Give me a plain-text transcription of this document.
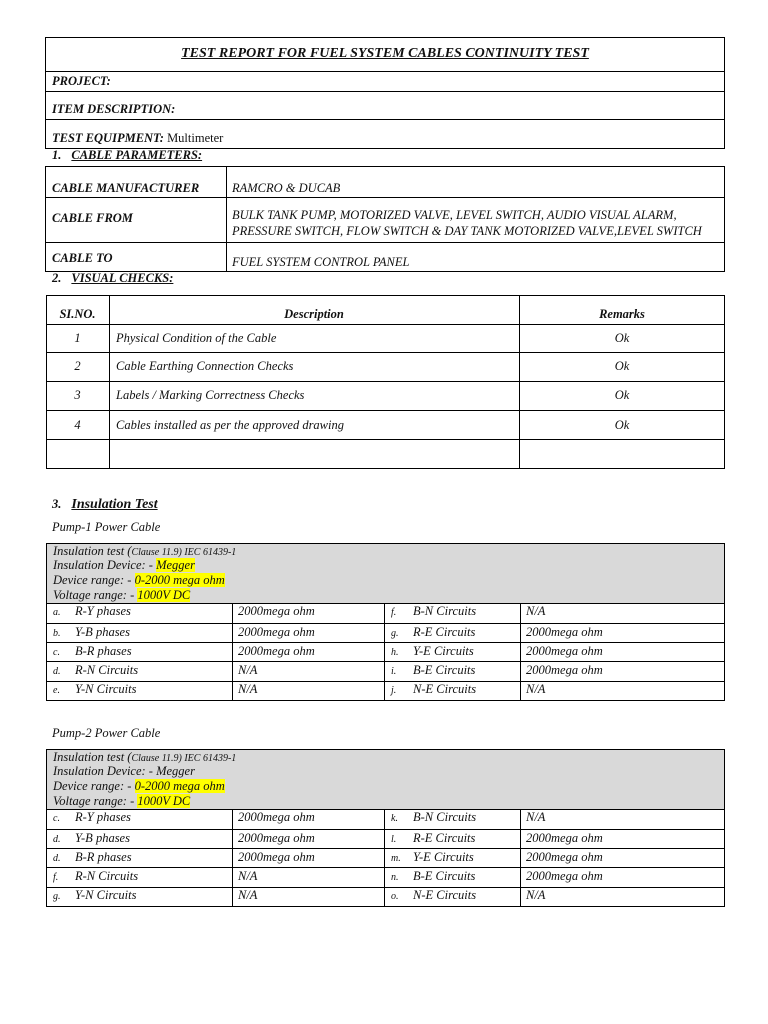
TEST REPORT FOR FUEL SYSTEM CABLES CONTINUITY TEST
PROJECT:
ITEM DESCRIPTION:
TEST EQUIPMENT: Multimeter
1. CABLE PARAMETERS:
CABLE MANUFACTURER	RAMCRO & DUCAB
CABLE FROM	BULK TANK PUMP, MOTORIZED VALVE, LEVEL SWITCH, AUDIO VISUAL ALARM,
PRESSURE SWITCH, FLOW SWITCH & DAY TANK MOTORIZED VALVE,LEVEL SWITCH
CABLE TO	FUEL SYSTEM CONTROL PANEL
2. VISUAL CHECKS:
SI.NO.	Description	Remarks
1	Physical Condition of the Cable	Ok
2	Cable Earthing Connection Checks	Ok
3	Labels / Marking Correctness Checks	Ok
4	Cables installed as per the approved drawing	Ok
3. Insulation Test
Pump-1 Power Cable
Insulation test (Clause 11.9) IEC 61439-1
Insulation Device: - Megger
Device range: - 0-2000 mega ohm
Voltage range: - 1000V DC
a. R-Y phases	2000mega ohm	f. B-N Circuits	N/A
b. Y-B phases	2000mega ohm	g. R-E Circuits	2000mega ohm
c. B-R phases	2000mega ohm	h. Y-E Circuits	2000mega ohm
d. R-N Circuits	N/A	i. B-E Circuits	2000mega ohm
e. Y-N Circuits	N/A	j. N-E Circuits	N/A
Pump-2 Power Cable
Insulation test (Clause 11.9) IEC 61439-1
Insulation Device: - Megger
Device range: - 0-2000 mega ohm
Voltage range: - 1000V DC
c. R-Y phases	2000mega ohm	k. B-N Circuits	N/A
d. Y-B phases	2000mega ohm	l. R-E Circuits	2000mega ohm
d. B-R phases	2000mega ohm	m. Y-E Circuits	2000mega ohm
f. R-N Circuits	N/A	n. B-E Circuits	2000mega ohm
g. Y-N Circuits	N/A	o. N-E Circuits	N/A
